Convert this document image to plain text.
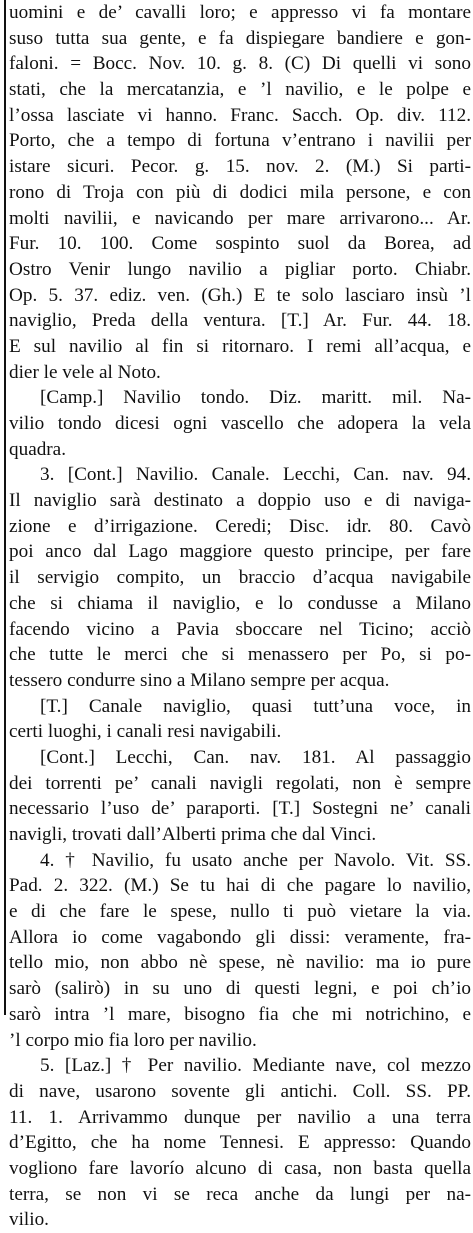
uomini e de’ cavalli loro; e appresso vi fa montare
suso tutta sua gente, e fa dispiegare bandiere e gon-
faloni. = Bocc. Nov. 10. g. 8. (C) Di quelli vi sono
stati, che la mercatanzia, e ’l navilio, e le polpe e
l’ossa lasciate vi hanno. Franc. Sacch. Op. div. 112.
Porto, che a tempo di fortuna v’entrano i navilii per
istare sicuri. Pecor. g. 15. nov. 2. (M.) Si parti-
rono di Troja con più di dodici mila persone, e con
molti navilii, e navicando per mare arrivarono... Ar.
Fur. 10. 100. Come sospinto suol da Borea, ad
Ostro Venir lungo navilio a pigliar porto. Chiabr.
Op. 5. 37. ediz. ven. (Gh.) E te solo lasciaro insù ’l
naviglio, Preda della ventura. [T.] Ar. Fur. 44. 18.
E sul navilio al fin si ritornaro. I remi all’acqua, e
dier le vele al Noto.
[Camp.] Navilio tondo. Diz. maritt. mil. Na-
vilio tondo dicesi ogni vascello che adopera la vela
quadra.
3. [Cont.] Navilio. Canale. Lecchi, Can. nav. 94.
Il naviglio sarà destinato a doppio uso e di naviga-
zione e d’irrigazione. Ceredi; Disc. idr. 80. Cavò
poi anco dal Lago maggiore questo principe, per fare
il servigio compito, un braccio d’acqua navigabile
che si chiama il naviglio, e lo condusse a Milano
facendo vicino a Pavia sboccare nel Ticino; acciò
che tutte le merci che si menassero per Po, si po-
tessero condurre sino a Milano sempre per acqua.
[T.] Canale naviglio, quasi tutt’una voce, in
certi luoghi, i canali resi navigabili.
[Cont.] Lecchi, Can. nav. 181. Al passaggio
dei torrenti pe’ canali navigli regolati, non è sempre
necessario l’uso de’ paraporti. [T.] Sostegni ne’ canali
navigli, trovati dall’Alberti prima che dal Vinci.
4. † Navilio, fu usato anche per Navolo. Vit. SS.
Pad. 2. 322. (M.) Se tu hai di che pagare lo navilio,
e di che fare le spese, nullo ti può vietare la via.
Allora io come vagabondo gli dissi: veramente, fra-
tello mio, non abbo nè spese, nè navilio: ma io pure
sarò (salirò) in su uno di questi legni, e poi ch’io
sarò intra ’l mare, bisogno fia che mi notrichino, e
’l corpo mio fia loro per navilio.
5. [Laz.] † Per navilio. Mediante nave, col mezzo
di nave, usarono sovente gli antichi. Coll. SS. PP.
11. 1. Arrivammo dunque per navilio a una terra
d’Egitto, che ha nome Tennesi. E appresso: Quando
vogliono fare lavorío alcuno di casa, non basta quella
terra, se non vi se reca anche da lungi per na-
vilio.
